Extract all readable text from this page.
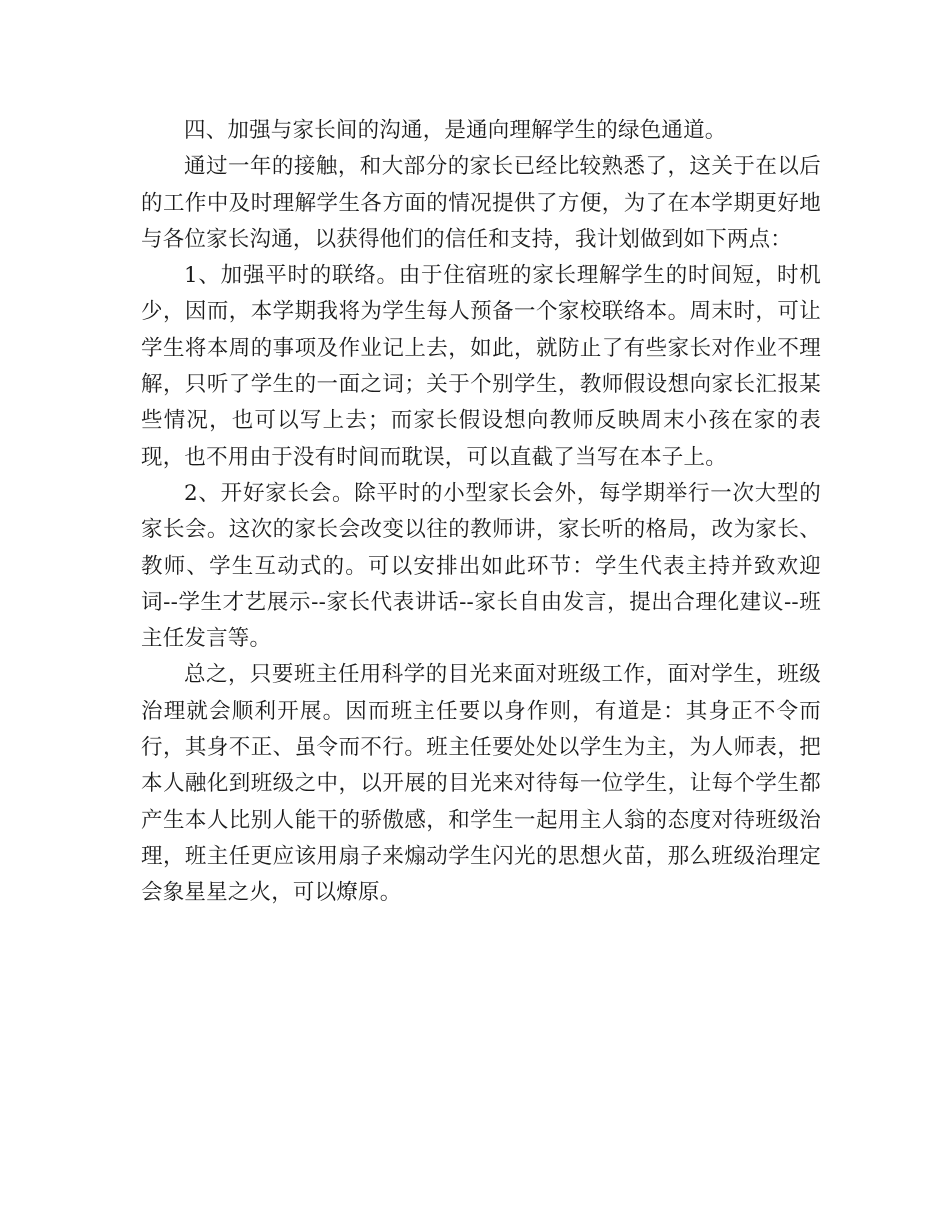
四、加强与家长间的沟通，是通向理解学生的绿色通道。

通过一年的接触，和大部分的家长已经比较熟悉了，这关于在以后的工作中及时理解学生各方面的情况提供了方便，为了在本学期更好地与各位家长沟通，以获得他们的信任和支持，我计划做到如下两点：

1、加强平时的联络。由于住宿班的家长理解学生的时间短，时机少，因而，本学期我将为学生每人预备一个家校联络本。周末时，可让学生将本周的事项及作业记上去，如此，就防止了有些家长对作业不理解，只听了学生的一面之词；关于个别学生，教师假设想向家长汇报某些情况，也可以写上去；而家长假设想向教师反映周末小孩在家的表现，也不用由于没有时间而耽误，可以直截了当写在本子上。

2、开好家长会。除平时的小型家长会外，每学期举行一次大型的家长会。这次的家长会改变以往的教师讲，家长听的格局，改为家长、教师、学生互动式的。可以安排出如此环节：学生代表主持并致欢迎词--学生才艺展示--家长代表讲话--家长自由发言，提出合理化建议--班主任发言等。

总之，只要班主任用科学的目光来面对班级工作，面对学生，班级治理就会顺利开展。因而班主任要以身作则，有道是：其身正不令而行，其身不正、虽令而不行。班主任要处处以学生为主，为人师表，把本人融化到班级之中，以开展的目光来对待每一位学生，让每个学生都产生本人比别人能干的骄傲感，和学生一起用主人翁的态度对待班级治理，班主任更应该用扇子来煽动学生闪光的思想火苗，那么班级治理定会象星星之火，可以燎原。
